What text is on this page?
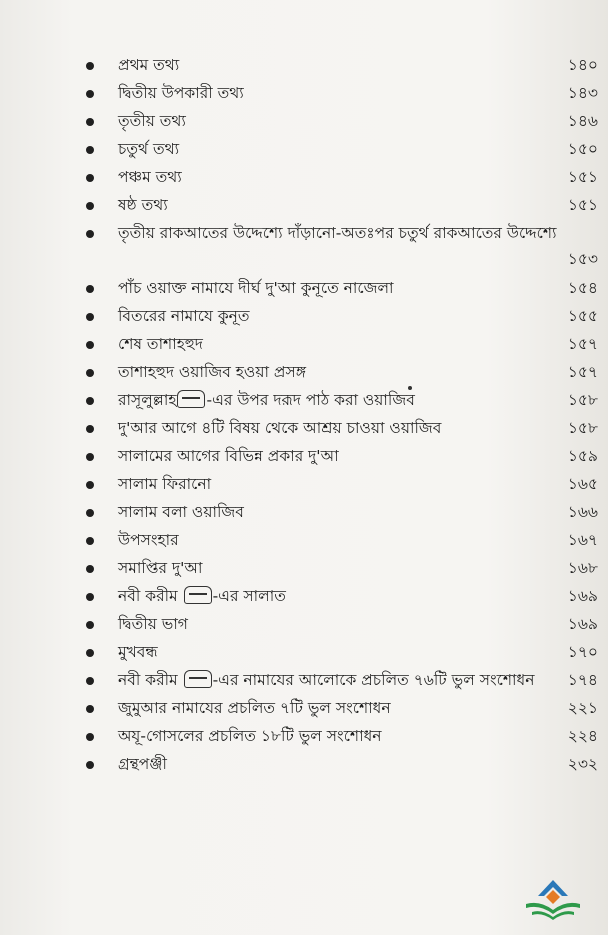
প্রথম তথ্য	১৪০
দ্বিতীয় উপকারী তথ্য	১৪৩
তৃতীয় তথ্য	১৪৬
চতুর্থ তথ্য	১৫০
পঞ্চম তথ্য	১৫১
ষষ্ঠ তথ্য	১৫১
তৃতীয় রাকআতের উদ্দেশ্যে দাঁড়ানো-অতঃপর চতুর্থ রাকআতের উদ্দেশ্যে
১৫৩
পাঁচ ওয়াক্ত নামাযে দীর্ঘ দু'আ কুনূতে নাজেলা	১৫৪
বিতরের নামাযে কুনূত	১৫৫
শেষ তাশাহহুদ	১৫৭
তাশাহহুদ ওয়াজিব হওয়া প্রসঙ্গ	১৫৭
রাসূলুল্লাহ -এর উপর দরূদ পাঠ করা ওয়াজিব	১৫৮
দু'আর আগে ৪টি বিষয় থেকে আশ্রয় চাওয়া ওয়াজিব	১৫৮
সালামের আগের বিভিন্ন প্রকার দু'আ	১৫৯
সালাম ফিরানো	১৬৫
সালাম বলা ওয়াজিব	১৬৬
উপসংহার	১৬৭
সমাপ্তির দু'আ	১৬৮
নবী করীম -এর সালাত	১৬৯
দ্বিতীয় ভাগ	১৬৯
মুখবন্ধ	১৭০
নবী করীম -এর নামাযের আলোকে প্রচলিত ৭৬টি ভুল সংশোধন ১৭৪
জুমুআর নামাযের প্রচলিত ৭টি ভুল সংশোধন	২২১
অযূ-গোসলের প্রচলিত ১৮টি ভুল সংশোধন	২২৪
গ্রন্থপঞ্জী	২৩২
